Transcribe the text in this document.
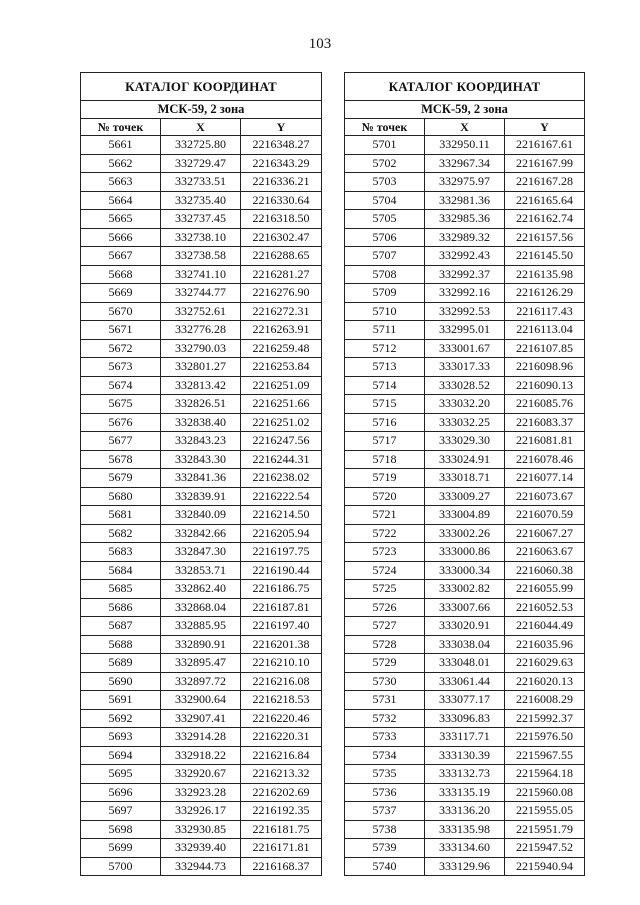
103
КАТАЛОГ КООРДИНАТ		
МСК-59, 2 зона		
№ точек	X	Y
5661	332725.80	2216348.27
5662	332729.47	2216343.29
5663	332733.51	2216336.21
5664	332735.40	2216330.64
5665	332737.45	2216318.50
5666	332738.10	2216302.47
5667	332738.58	2216288.65
5668	332741.10	2216281.27
5669	332744.77	2216276.90
5670	332752.61	2216272.31
5671	332776.28	2216263.91
5672	332790.03	2216259.48
5673	332801.27	2216253.84
5674	332813.42	2216251.09
5675	332826.51	2216251.66
5676	332838.40	2216251.02
5677	332843.23	2216247.56
5678	332843.30	2216244.31
5679	332841.36	2216238.02
5680	332839.91	2216222.54
5681	332840.09	2216214.50
5682	332842.66	2216205.94
5683	332847.30	2216197.75
5684	332853.71	2216190.44
5685	332862.40	2216186.75
5686	332868.04	2216187.81
5687	332885.95	2216197.40
5688	332890.91	2216201.38
5689	332895.47	2216210.10
5690	332897.72	2216216.08
5691	332900.64	2216218.53
5692	332907.41	2216220.46
5693	332914.28	2216220.31
5694	332918.22	2216216.84
5695	332920.67	2216213.32
5696	332923.28	2216202.69
5697	332926.17	2216192.35
5698	332930.85	2216181.75
5699	332939.40	2216171.81
5700	332944.73	2216168.37
КАТАЛОГ КООРДИНАТ		
МСК-59, 2 зона		
№ точек	X	Y
5701	332950.11	2216167.61
5702	332967.34	2216167.99
5703	332975.97	2216167.28
5704	332981.36	2216165.64
5705	332985.36	2216162.74
5706	332989.32	2216157.56
5707	332992.43	2216145.50
5708	332992.37	2216135.98
5709	332992.16	2216126.29
5710	332992.53	2216117.43
5711	332995.01	2216113.04
5712	333001.67	2216107.85
5713	333017.33	2216098.96
5714	333028.52	2216090.13
5715	333032.20	2216085.76
5716	333032.25	2216083.37
5717	333029.30	2216081.81
5718	333024.91	2216078.46
5719	333018.71	2216077.14
5720	333009.27	2216073.67
5721	333004.89	2216070.59
5722	333002.26	2216067.27
5723	333000.86	2216063.67
5724	333000.34	2216060.38
5725	333002.82	2216055.99
5726	333007.66	2216052.53
5727	333020.91	2216044.49
5728	333038.04	2216035.96
5729	333048.01	2216029.63
5730	333061.44	2216020.13
5731	333077.17	2216008.29
5732	333096.83	2215992.37
5733	333117.71	2215976.50
5734	333130.39	2215967.55
5735	333132.73	2215964.18
5736	333135.19	2215960.08
5737	333136.20	2215955.05
5738	333135.98	2215951.79
5739	333134.60	2215947.52
5740	333129.96	2215940.94
